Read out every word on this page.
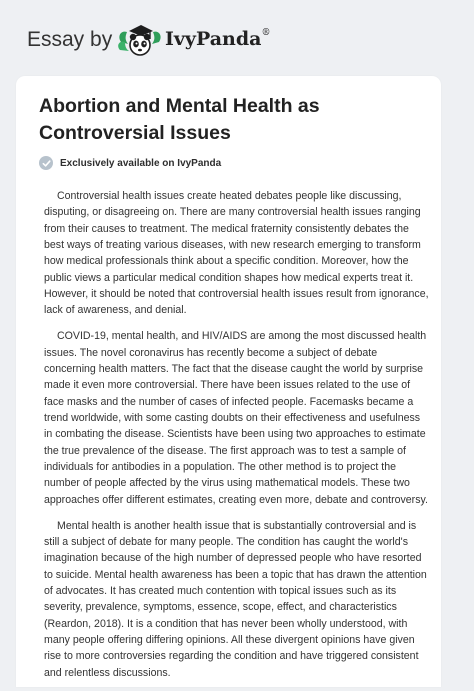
Essay by	IvyPanda®
Abortion and Mental Health as Controversial Issues
Exclusively available on IvyPanda

Controversial health issues create heated debates people like discussing, disputing, or disagreeing on. There are many controversial health issues ranging from their causes to treatment. The medical fraternity consistently debates the best ways of treating various diseases, with new research emerging to transform how medical professionals think about a specific condition. Moreover, how the public views a particular medical condition shapes how medical experts treat it. However, it should be noted that controversial health issues result from ignorance, lack of awareness, and denial.

COVID-19, mental health, and HIV/AIDS are among the most discussed health issues. The novel coronavirus has recently become a subject of debate concerning health matters. The fact that the disease caught the world by surprise made it even more controversial. There have been issues related to the use of face masks and the number of cases of infected people. Facemasks became a trend worldwide, with some casting doubts on their effectiveness and usefulness in combating the disease. Scientists have been using two approaches to estimate the true prevalence of the disease. The first approach was to test a sample of individuals for antibodies in a population. The other method is to project the number of people affected by the virus using mathematical models. These two approaches offer different estimates, creating even more, debate and controversy.

Mental health is another health issue that is substantially controversial and is still a subject of debate for many people. The condition has caught the world's imagination because of the high number of depressed people who have resorted to suicide. Mental health awareness has been a topic that has drawn the attention of advocates. It has created much contention with topical issues such as its severity, prevalence, symptoms, essence, scope, effect, and characteristics (Reardon, 2018). It is a condition that has never been wholly understood, with many people offering differing opinions. All these divergent opinions have given rise to more controversies regarding the condition and have triggered consistent and relentless discussions.
